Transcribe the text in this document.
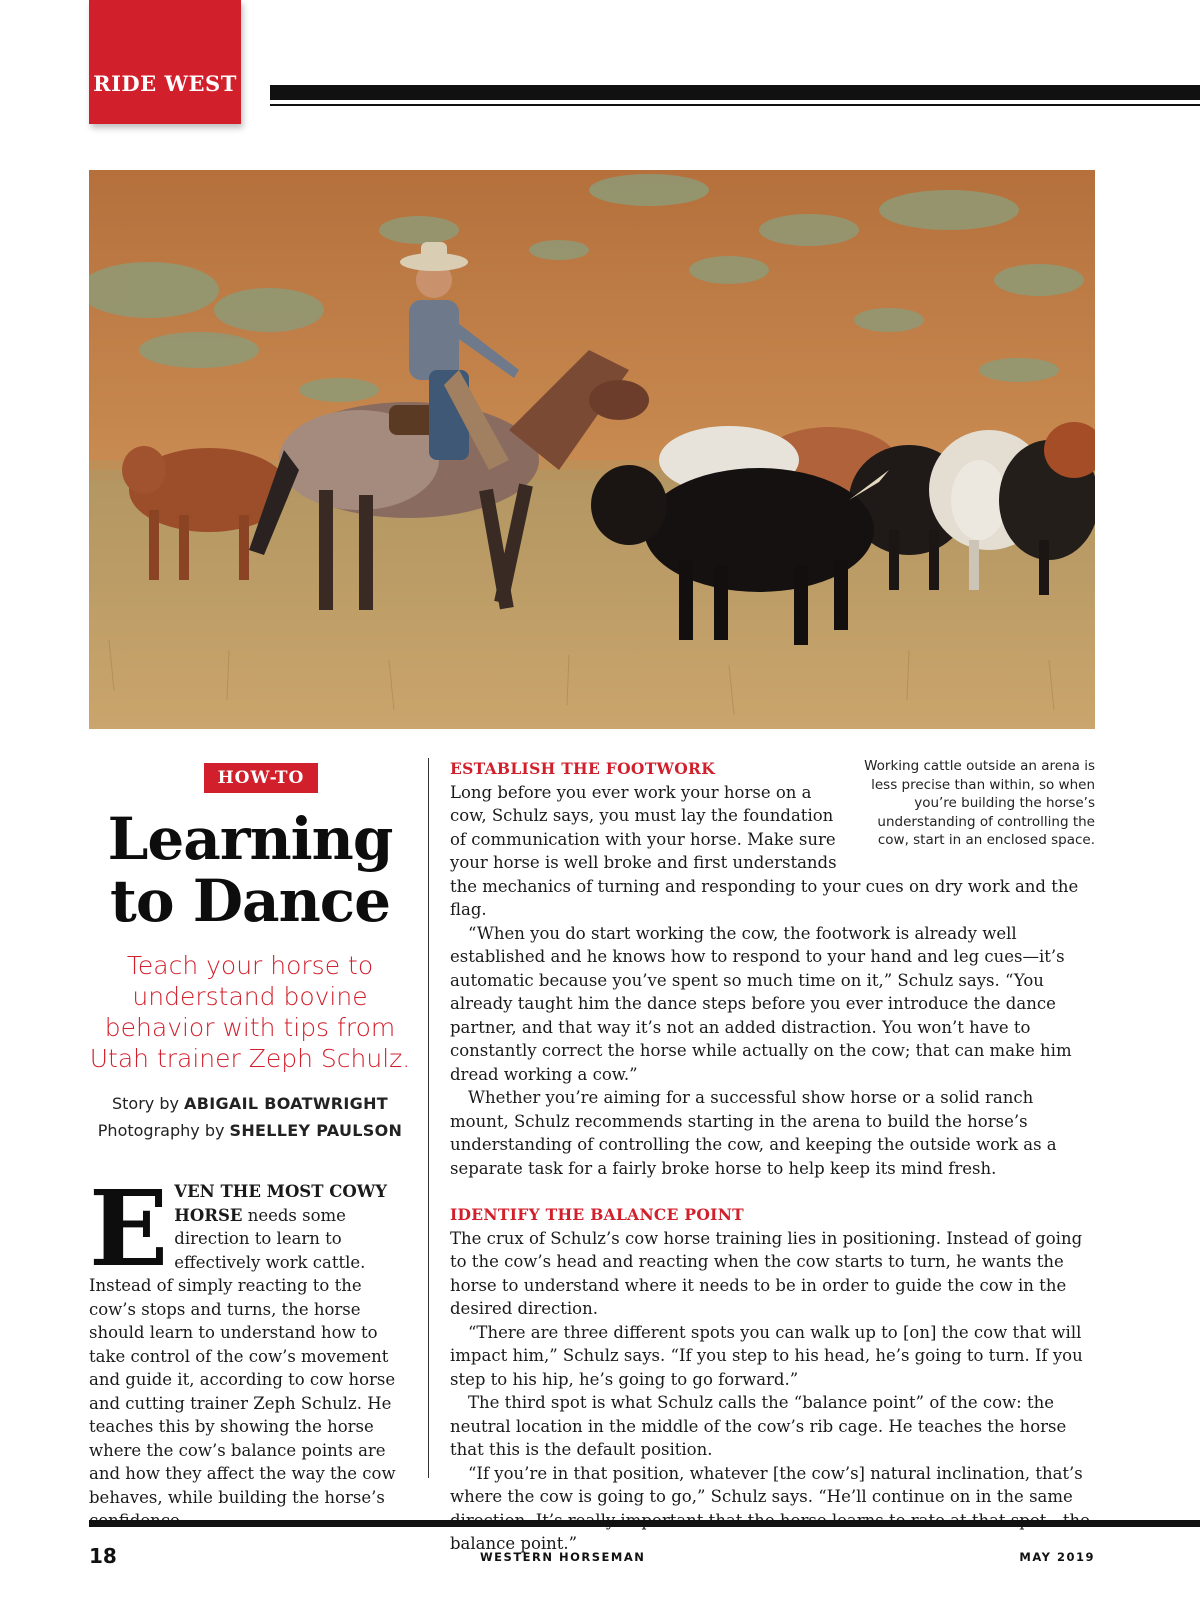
RIDE WEST
HOW-TO
Learning to Dance
Teach your horse to understand bovine behavior with tips from Utah trainer Zeph Schulz.
Story by ABIGAIL BOATWRIGHT
Photography by SHELLEY PAULSON
EVEN THE MOST COWY HORSE needs some direction to learn to effectively work cattle. Instead of simply reacting to the cow’s stops and turns, the horse should learn to understand how to take control of the cow’s movement and guide it, according to cow horse and cutting trainer Zeph Schulz. He teaches this by showing the horse where the cow’s balance points are and how they affect the way the cow behaves, while building the horse’s
Working cattle outside an arena is less precise than within, so when you’re building the horse’s understanding of controlling the cow, start in an enclosed space.

ESTABLISH THE FOOTWORK

Long before you ever work your horse on a cow, Schulz says, you must lay the foundation of communication with your horse. Make sure your horse is well broke and first understands the mechanics of turning and responding to your cues on dry work and the flag.

“When you do start working the cow, the footwork is already well established and he knows how to respond to your hand and leg cues—it’s automatic because you’ve spent so much time on it,” Schulz says. “You already taught him the dance steps before you ever introduce the dance partner, and that way it’s not an added distraction. You won’t have to constantly correct the horse while actually on the cow; that can make him dread working a cow.”

Whether you’re aiming for a successful show horse or a solid ranch mount, Schulz recommends starting in the arena to build the horse’s understanding of controlling the cow, and keeping the outside work as a separate task for a fairly broke horse to help keep its mind fresh.

IDENTIFY THE BALANCE POINT

The crux of Schulz’s cow horse training lies in positioning. Instead of going to the cow’s head and reacting when the cow starts to turn, he wants the horse to understand where it needs to be in order to guide the cow in the desired direction.

“There are three different spots you can walk up to [on] the cow that will impact him,” Schulz says. “If you step to his head, he’s going to turn. If you step to his hip, he’s going to go forward.”

The third spot is what Schulz calls the “balance point” of the cow: the neutral location in the middle of the cow’s rib cage. He teaches the horse that this is the default position.

“If you’re in that position, whatever [the cow’s] natural inclination, that’s where the cow is going to go,” Schulz says. “He’ll continue on in the same balance point.”

18	WESTERN HORSEMAN	MAY 2019
